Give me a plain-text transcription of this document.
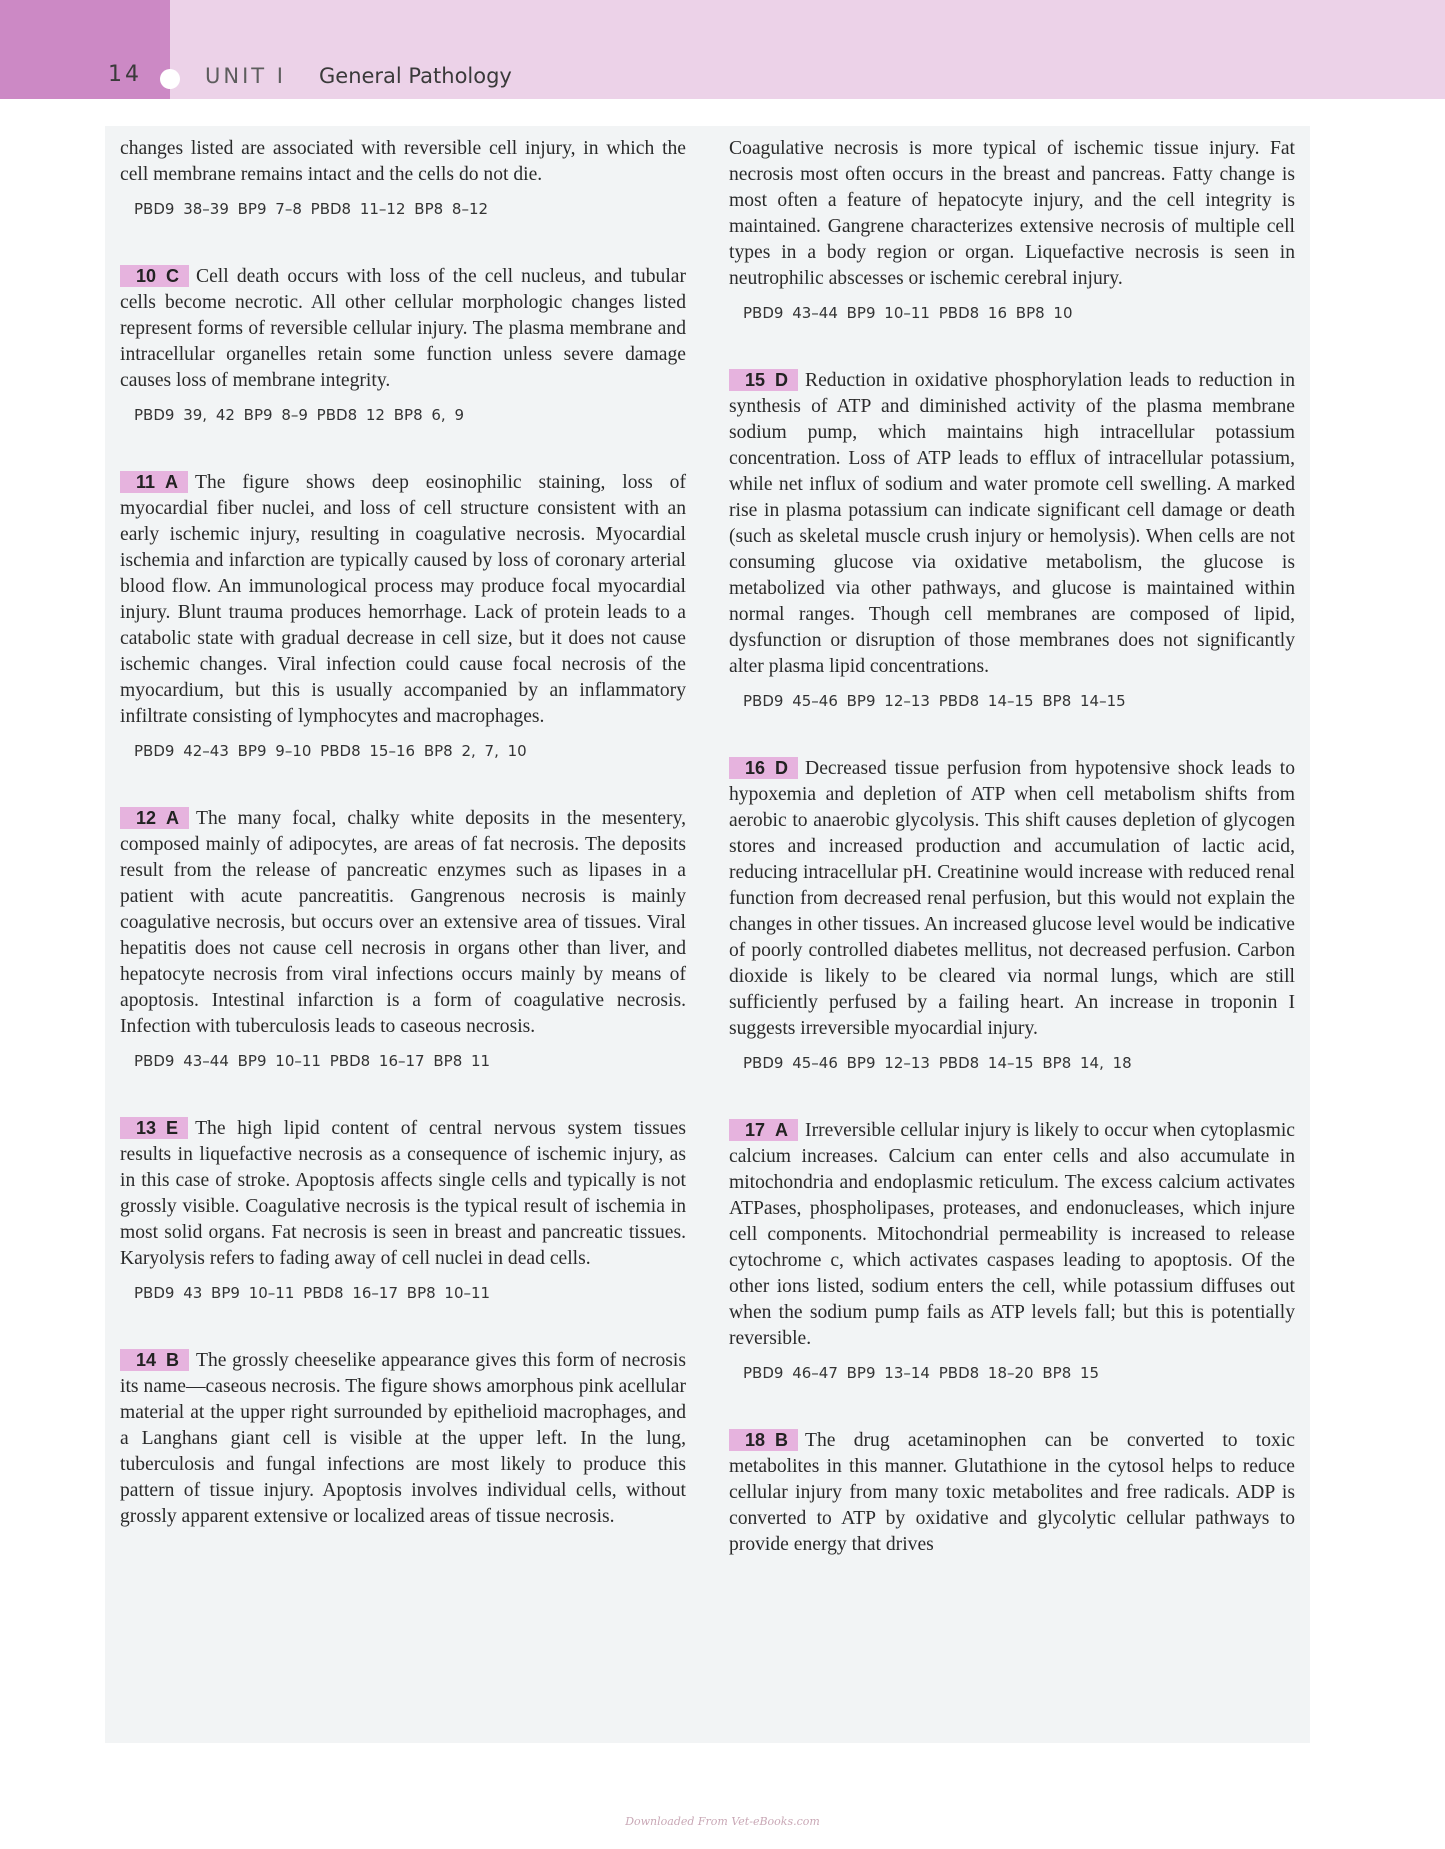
14	UNIT I General Pathology

changes listed are associated with reversible cell injury, in which the cell membrane remains intact and the cells do not die.

PBD9 38–39 BP9 7–8 PBD8 11–12 BP8 8–12

10 C Cell death occurs with loss of the cell nucleus, and tubular cells become necrotic. All other cellular morphologic changes listed represent forms of reversible cellular injury. The plasma membrane and intracellular organelles retain some function unless severe damage causes loss of membrane integrity.

PBD9 39, 42 BP9 8–9 PBD8 12 BP8 6, 9

11 A The figure shows deep eosinophilic staining, loss of myocardial fiber nuclei, and loss of cell structure consistent with an early ischemic injury, resulting in coagulative necrosis. Myocardial ischemia and infarction are typically caused by loss of coronary arterial blood flow. An immunological process may produce focal myocardial injury. Blunt trauma produces hemorrhage. Lack of protein leads to a catabolic state with gradual decrease in cell size, but it does not cause ischemic changes. Viral infection could cause focal necrosis of the myocardium, but this is usually accompanied by an inflammatory infiltrate consisting of lymphocytes and macrophages.

PBD9 42–43 BP9 9–10 PBD8 15–16 BP8 2, 7, 10

12 A The many focal, chalky white deposits in the mesentery, composed mainly of adipocytes, are areas of fat necrosis. The deposits result from the release of pancreatic enzymes such as lipases in a patient with acute pancreatitis. Gangrenous necrosis is mainly coagulative necrosis, but occurs over an extensive area of tissues. Viral hepatitis does not cause cell necrosis in organs other than liver, and hepatocyte necrosis from viral infections occurs mainly by means of apoptosis. Intestinal infarction is a form of coagulative necrosis. Infection with tuberculosis leads to caseous necrosis.

PBD9 43–44 BP9 10–11 PBD8 16–17 BP8 11

13 E The high lipid content of central nervous system tissues results in liquefactive necrosis as a consequence of ischemic injury, as in this case of stroke. Apoptosis affects single cells and typically is not grossly visible. Coagulative necrosis is the typical result of ischemia in most solid organs. Fat necrosis is seen in breast and pancreatic tissues. Karyolysis refers to fading away of cell nuclei in dead cells.

PBD9 43 BP9 10–11 PBD8 16–17 BP8 10–11

14 B The grossly cheeselike appearance gives this form of necrosis its name—caseous necrosis. The figure shows amorphous pink acellular material at the upper right surrounded by epithelioid macrophages, and a Langhans giant cell is visible at the upper left. In the lung, tuberculosis and fungal infections are most likely to produce this pattern of tissue injury. Apoptosis involves individual cells, without grossly apparent extensive or localized areas of tissue necrosis.

Coagulative necrosis is more typical of ischemic tissue injury. Fat necrosis most often occurs in the breast and pancreas. Fatty change is most often a feature of hepatocyte injury, and the cell integrity is maintained. Gangrene characterizes extensive necrosis of multiple cell types in a body region or organ. Liquefactive necrosis is seen in neutrophilic abscesses or ischemic cerebral injury.

PBD9 43–44 BP9 10–11 PBD8 16 BP8 10

15 D Reduction in oxidative phosphorylation leads to reduction in synthesis of ATP and diminished activity of the plasma membrane sodium pump, which maintains high intracellular potassium concentration. Loss of ATP leads to efflux of intracellular potassium, while net influx of sodium and water promote cell swelling. A marked rise in plasma potassium can indicate significant cell damage or death (such as skeletal muscle crush injury or hemolysis). When cells are not consuming glucose via oxidative metabolism, the glucose is metabolized via other pathways, and glucose is maintained within normal ranges. Though cell membranes are composed of lipid, dysfunction or disruption of those membranes does not significantly alter plasma lipid concentrations.

PBD9 45–46 BP9 12–13 PBD8 14–15 BP8 14–15

16 D Decreased tissue perfusion from hypotensive shock leads to hypoxemia and depletion of ATP when cell metabolism shifts from aerobic to anaerobic glycolysis. This shift causes depletion of glycogen stores and increased production and accumulation of lactic acid, reducing intracellular pH. Creatinine would increase with reduced renal function from decreased renal perfusion, but this would not explain the changes in other tissues. An increased glucose level would be indicative of poorly controlled diabetes mellitus, not decreased perfusion. Carbon dioxide is likely to be cleared via normal lungs, which are still sufficiently perfused by a failing heart. An increase in troponin I suggests irreversible myocardial injury.

PBD9 45–46 BP9 12–13 PBD8 14–15 BP8 14, 18

17 A Irreversible cellular injury is likely to occur when cytoplasmic calcium increases. Calcium can enter cells and also accumulate in mitochondria and endoplasmic reticulum. The excess calcium activates ATPases, phospholipases, proteases, and endonucleases, which injure cell components. Mitochondrial permeability is increased to release cytochrome c, which activates caspases leading to apoptosis. Of the other ions listed, sodium enters the cell, while potassium diffuses out when the sodium pump fails as ATP levels fall; but this is potentially reversible.

PBD9 46–47 BP9 13–14 PBD8 18–20 BP8 15

18 B The drug acetaminophen can be converted to toxic metabolites in this manner. Glutathione in the cytosol helps to reduce cellular injury from many toxic metabolites and free radicals. ADP is converted to ATP by oxidative and glycolytic cellular pathways to provide energy that drives

Downloaded From Vet-eBooks.com
